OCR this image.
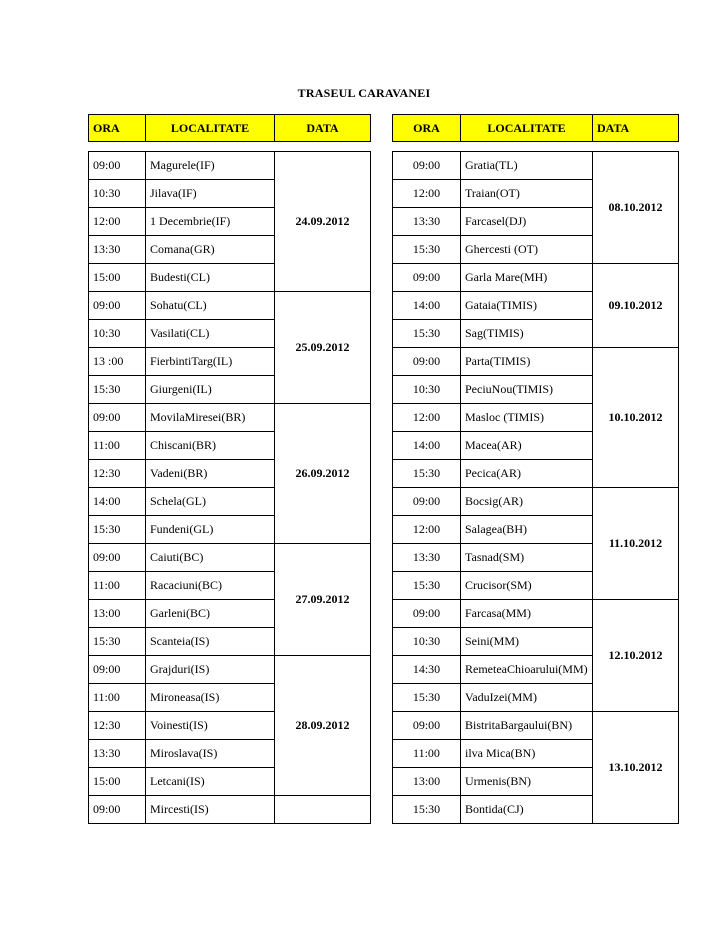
TRASEUL CARAVANEI
ORA	LOCALITATE	DATA

09:00	Magurele(IF)	24.09.2012
10:30	Jilava(IF)	
12:00	1 Decembrie(IF)	
13:30	Comana(GR)	
15:00	Budesti(CL)	
09:00	Sohatu(CL)	25.09.2012
10:30	Vasilati(CL)	
13 :00	FierbintiTarg(IL)	
15:30	Giurgeni(IL)	
09:00	MovilaMiresei(BR)	26.09.2012
11:00	Chiscani(BR)	
12:30	Vadeni(BR)	
14:00	Schela(GL)	
15:30	Fundeni(GL)	
09:00	Caiuti(BC)	27.09.2012
11:00	Racaciuni(BC)	
13:00	Garleni(BC)	
15:30	Scanteia(IS)	
09:00	Grajduri(IS)	28.09.2012
11:00	Mironeasa(IS)	
12:30	Voinesti(IS)	
13:30	Miroslava(IS)	
15:00	Letcani(IS)	
09:00	Mircesti(IS)	
ORA	LOCALITATE	DATA

09:00	Gratia(TL)	08.10.2012
12:00	Traian(OT)	
13:30	Farcasel(DJ)	
15:30	Ghercesti (OT)	
09:00	Garla Mare(MH)	09.10.2012
14:00	Gataia(TIMIS)	
15:30	Sag(TIMIS)	
09:00	Parta(TIMIS)	10.10.2012
10:30	PeciuNou(TIMIS)	
12:00	Masloc (TIMIS)	
14:00	Macea(AR)	
15:30	Pecica(AR)	
09:00	Bocsig(AR)	11.10.2012
12:00	Salagea(BH)	
13:30	Tasnad(SM)	
15:30	Crucisor(SM)	
09:00	Farcasa(MM)	12.10.2012
10:30	Seini(MM)	
14:30	RemeteaChioarului(MM)	
15:30	VaduIzei(MM)	
09:00	BistritaBargaului(BN)	13.10.2012
11:00	ilva Mica(BN)	
13:00	Urmenis(BN)	
15:30	Bontida(CJ)	
